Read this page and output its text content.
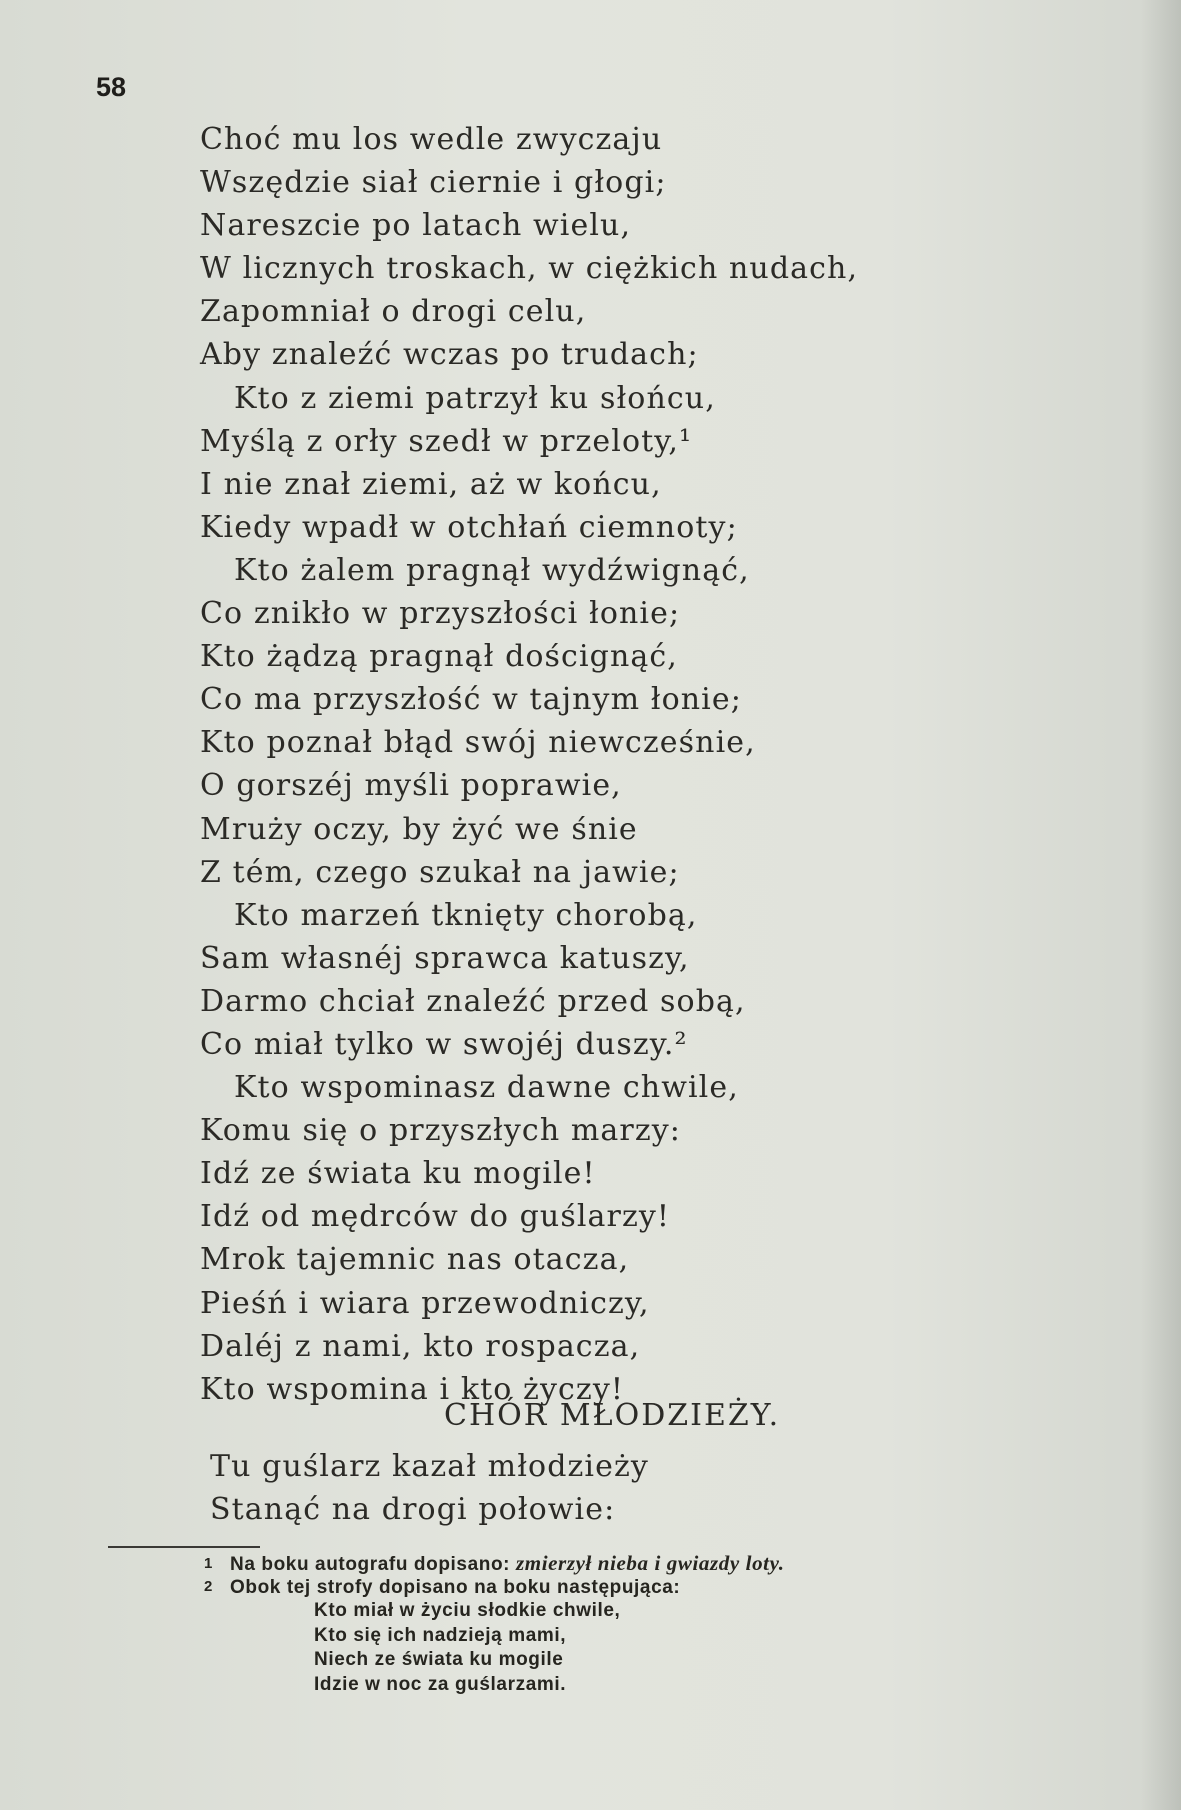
58
Choć mu los wedle zwyczaju
Wszędzie siał ciernie i głogi;
Nareszcie po latach wielu,
W licznych troskach, w ciężkich nudach,
Zapomniał o drogi celu,
Aby znaleźć wczas po trudach;
Kto z ziemi patrzył ku słońcu,
Myślą z orły szedł w przeloty,¹
I nie znał ziemi, aż w końcu,
Kiedy wpadł w otchłań ciemnoty;
Kto żalem pragnął wydźwignąć,
Co znikło w przyszłości łonie;
Kto żądzą pragnął doścignąć,
Co ma przyszłość w tajnym łonie;
Kto poznał błąd swój niewcześnie,
O gorszéj myśli poprawie,
Mruży oczy, by żyć we śnie
Z tém, czego szukał na jawie;
Kto marzeń tknięty chorobą,
Sam własnéj sprawca katuszy,
Darmo chciał znaleźć przed sobą,
Co miał tylko w swojéj duszy.²
Kto wspominasz dawne chwile,
Komu się o przyszłych marzy:
Idź ze świata ku mogile!
Idź od mędrców do guślarzy!
Mrok tajemnic nas otacza,
Pieśń i wiara przewodniczy,
Daléj z nami, kto rospacza,
Kto wspomina i kto życzy!
CHÓR MŁODZIEŻY.
Tu guślarz kazał młodzieży
Stanąć na drogi połowie:
1 Na boku autografu dopisano: zmierzył nieba i gwiazdy loty.
2 Obok tej strofy dopisano na boku następująca:
Kto miał w życiu słodkie chwile,
Kto się ich nadzieją mami,
Niech ze świata ku mogile
Idzie w noc za guślarzami.
